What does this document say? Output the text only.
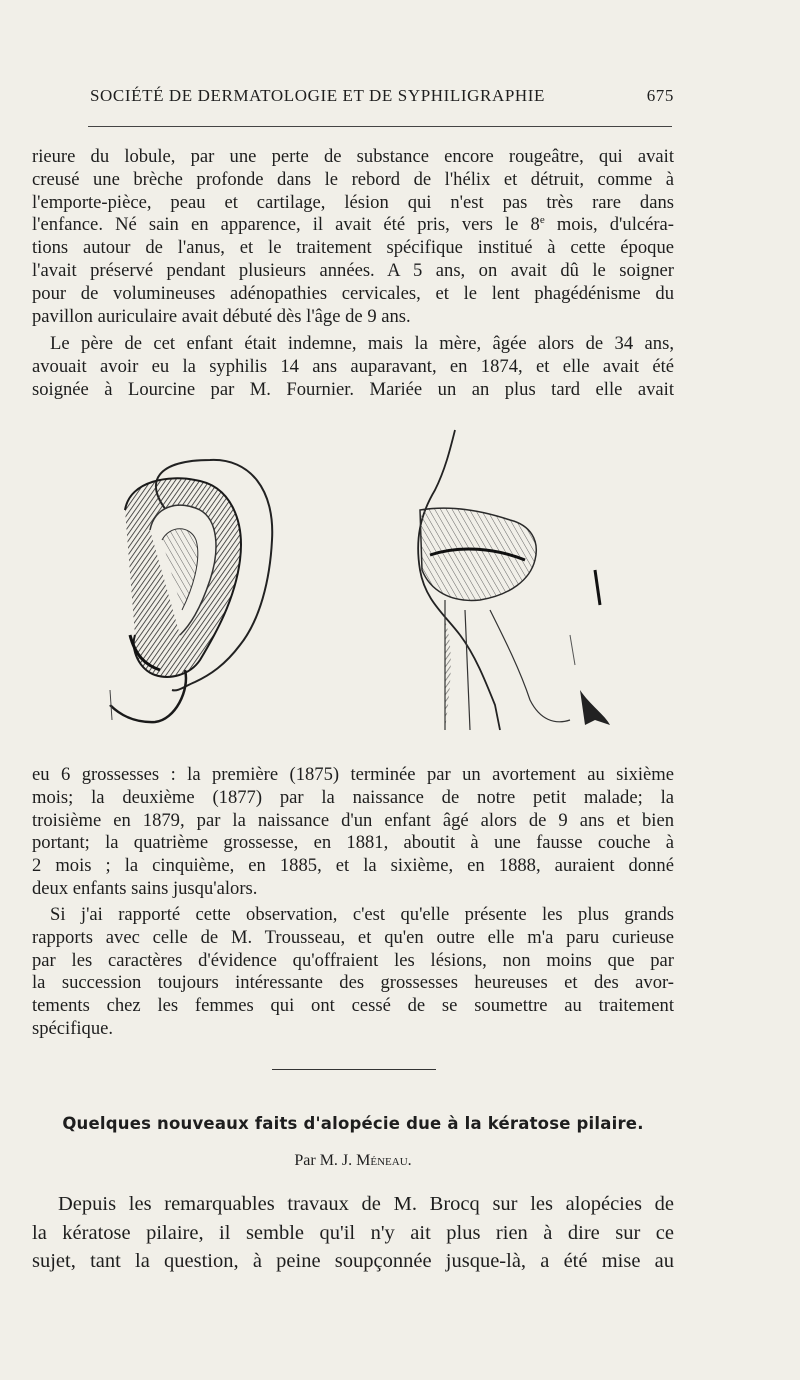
SOCIÉTÉ DE DERMATOLOGIE ET DE SYPHILIGRAPHIE	675
rieure du lobule, par une perte de substance encore rougeâtre, qui avait
creusé une brèche profonde dans le rebord de l'hélix et détruit, comme à
l'emporte-pièce, peau et cartilage, lésion qui n'est pas très rare dans
l'enfance. Né sain en apparence, il avait été pris, vers le 8e mois, d'ulcéra-
tions autour de l'anus, et le traitement spécifique institué à cette époque
l'avait préservé pendant plusieurs années. A 5 ans, on avait dû le soigner
pour de volumineuses adénopathies cervicales, et le lent phagédénisme du
pavillon auriculaire avait débuté dès l'âge de 9 ans.
Le père de cet enfant était indemne, mais la mère, âgée alors de 34 ans,
avouait avoir eu la syphilis 14 ans auparavant, en 1874, et elle avait été
soignée à Lourcine par M. Fournier. Mariée un an plus tard elle avait
eu 6 grossesses : la première (1875) terminée par un avortement au sixième
mois; la deuxième (1877) par la naissance de notre petit malade; la
troisième en 1879, par la naissance d'un enfant âgé alors de 9 ans et bien
portant; la quatrième grossesse, en 1881, aboutit à une fausse couche à
2 mois ; la cinquième, en 1885, et la sixième, en 1888, auraient donné
deux enfants sains jusqu'alors.
Si j'ai rapporté cette observation, c'est qu'elle présente les plus grands
rapports avec celle de M. Trousseau, et qu'en outre elle m'a paru curieuse
par les caractères d'évidence qu'offraient les lésions, non moins que par
la succession toujours intéressante des grossesses heureuses et des avor-
tements chez les femmes qui ont cessé de se soumettre au traitement
spécifique.
Quelques nouveaux faits d'alopécie due à la kératose pilaire.
Par M. J. Méneau.
Depuis les remarquables travaux de M. Brocq sur les alopécies de
la kératose pilaire, il semble qu'il n'y ait plus rien à dire sur ce
sujet, tant la question, à peine soupçonnée jusque-là, a été mise au
